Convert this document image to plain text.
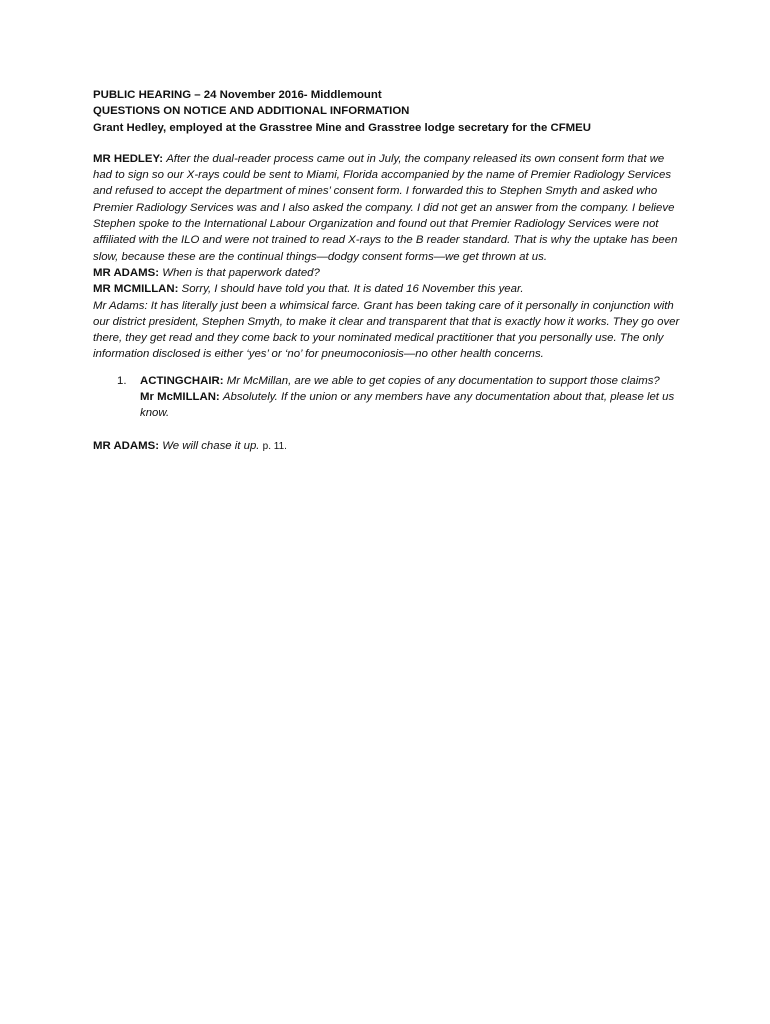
PUBLIC HEARING – 24 November 2016- Middlemount
QUESTIONS ON NOTICE AND ADDITIONAL INFORMATION
Grant Hedley, employed at the Grasstree Mine and Grasstree lodge secretary for the CFMEU
MR HEDLEY: After the dual-reader process came out in July, the company released its own consent form that we had to sign so our X-rays could be sent to Miami, Florida accompanied by the name of Premier Radiology Services and refused to accept the department of mines’ consent form. I forwarded this to Stephen Smyth and asked who Premier Radiology Services was and I also asked the company. I did not get an answer from the company. I believe Stephen spoke to the International Labour Organization and found out that Premier Radiology Services were not affiliated with the ILO and were not trained to read X-rays to the B reader standard. That is why the uptake has been slow, because these are the continual things—dodgy consent forms—we get thrown at us.
MR ADAMS: When is that paperwork dated?
MR MCMILLAN: Sorry, I should have told you that. It is dated 16 November this year.
Mr Adams: It has literally just been a whimsical farce. Grant has been taking care of it personally in conjunction with our district president, Stephen Smyth, to make it clear and transparent that that is exactly how it works. They go over there, they get read and they come back to your nominated medical practitioner that you personally use. The only information disclosed is either ‘yes’ or ‘no’ for pneumoconiosis—no other health concerns.
1. ACTINGCHAIR: Mr McMillan, are we able to get copies of any documentation to support those claims?
Mr McMILLAN: Absolutely. If the union or any members have any documentation about that, please let us know.
MR ADAMS: We will chase it up. p. 11.
